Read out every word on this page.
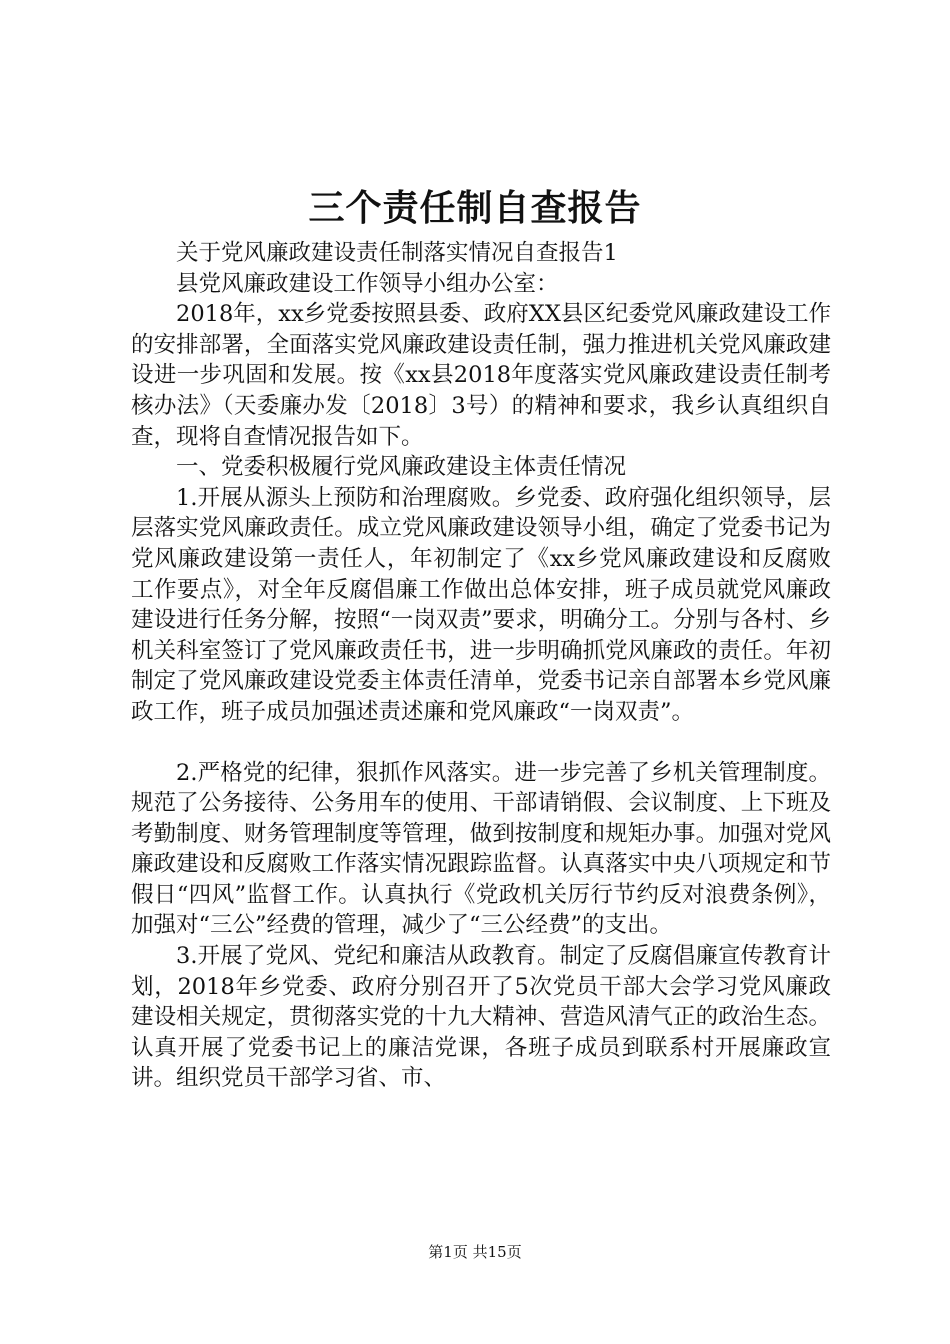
三个责任制自查报告

关于党风廉政建设责任制落实情况自查报告1

县党风廉政建设工作领导小组办公室：

2018年，xx乡党委按照县委、政府XX县区纪委党风廉政建设工作的安排部署，全面落实党风廉政建设责任制，强力推进机关党风廉政建设进一步巩固和发展。按《xx县2018年度落实党风廉政建设责任制考核办法》（天委廉办发〔2018〕3号）的精神和要求，我乡认真组织自查，现将自查情况报告如下。

一、党委积极履行党风廉政建设主体责任情况

1.开展从源头上预防和治理腐败。乡党委、政府强化组织领导，层层落实党风廉政责任。成立党风廉政建设领导小组，确定了党委书记为党风廉政建设第一责任人，年初制定了《xx乡党风廉政建设和反腐败工作要点》，对全年反腐倡廉工作做出总体安排，班子成员就党风廉政建设进行任务分解，按照“一岗双责”要求，明确分工。分别与各村、乡机关科室签订了党风廉政责任书，进一步明确抓党风廉政的责任。年初制定了党风廉政建设党委主体责任清单，党委书记亲自部署本乡党风廉政工作，班子成员加强述责述廉和党风廉政“一岗双责”。

2.严格党的纪律，狠抓作风落实。进一步完善了乡机关管理制度。规范了公务接待、公务用车的使用、干部请销假、会议制度、上下班及考勤制度、财务管理制度等管理，做到按制度和规矩办事。加强对党风廉政建设和反腐败工作落实情况跟踪监督。认真落实中央八项规定和节假日“四风”监督工作。认真执行《党政机关厉行节约反对浪费条例》，加强对“三公”经费的管理，减少了“三公经费”的支出。

3.开展了党风、党纪和廉洁从政教育。制定了反腐倡廉宣传教育计划，2018年乡党委、政府分别召开了5次党员干部大会学习党风廉政建设相关规定，贯彻落实党的十九大精神、营造风清气正的政治生态。认真开展了党委书记上的廉洁党课，各班子成员到联系村开展廉政宣讲。组织党员干部学习省、市、

第1页 共15页
